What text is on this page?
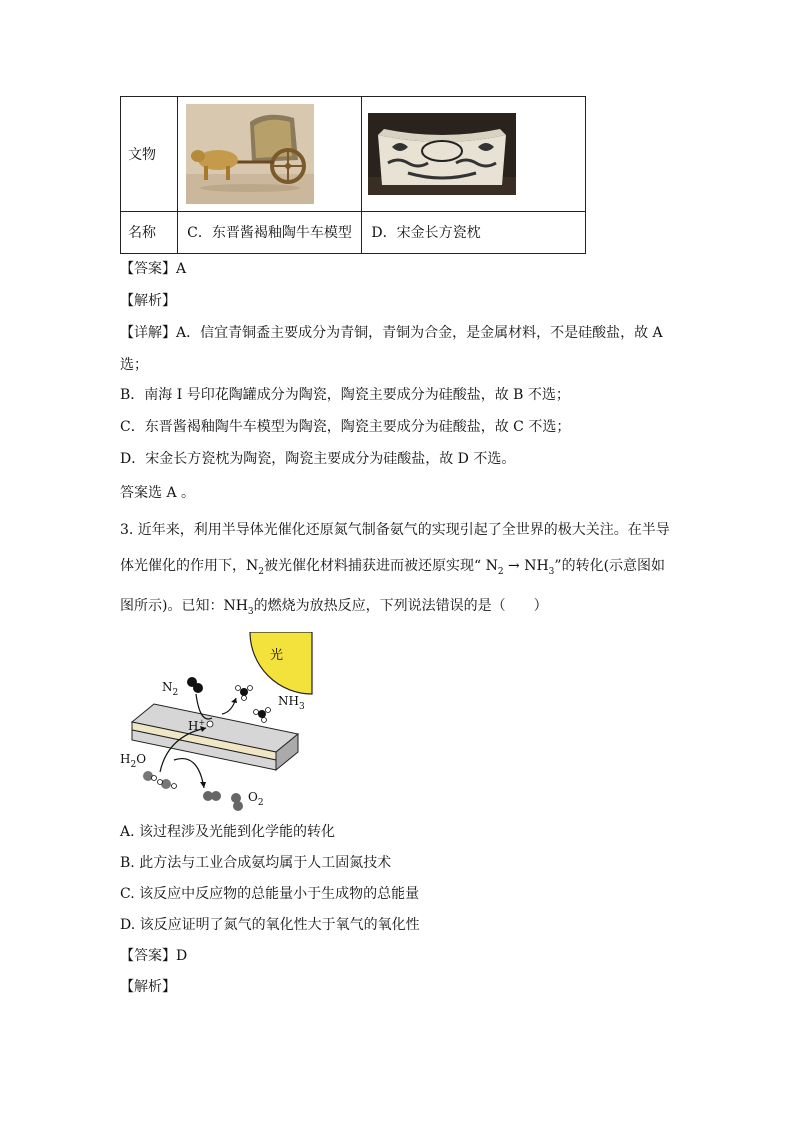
文物	

名称	C．东晋酱褐釉陶牛车模型	D．宋金长方瓷枕
【答案】A
【解析】
【详解】A．信宜青铜盉主要成分为青铜，青铜为合金，是金属材料，不是硅酸盐，故 A
选；
B．南海 I 号印花陶罐成分为陶瓷，陶瓷主要成分为硅酸盐，故 B 不选；
C．东晋酱褐釉陶牛车模型为陶瓷，陶瓷主要成分为硅酸盐，故 C 不选；
D．宋金长方瓷枕为陶瓷，陶瓷主要成分为硅酸盐，故 D 不选。
答案选 A 。
3. 近年来，利用半导体光催化还原氮气制备氨气的实现引起了全世界的极大关注。在半导
体光催化的作用下，$N_2$被光催化材料捕获进而被还原实现“ $N_2 \to NH_3$”的转化(示意图如
图所示)。已知：$NH_3$的燃烧为放热反应，下列说法错误的是（　　）
光
$N_2$
$NH_3$
H+
$H_2O$
$O_2$
A. 该过程涉及光能到化学能的转化
B. 此方法与工业合成氨均属于人工固氮技术
C. 该反应中反应物的总能量小于生成物的总能量
D. 该反应证明了氮气的氧化性大于氧气的氧化性
【答案】D
【解析】
